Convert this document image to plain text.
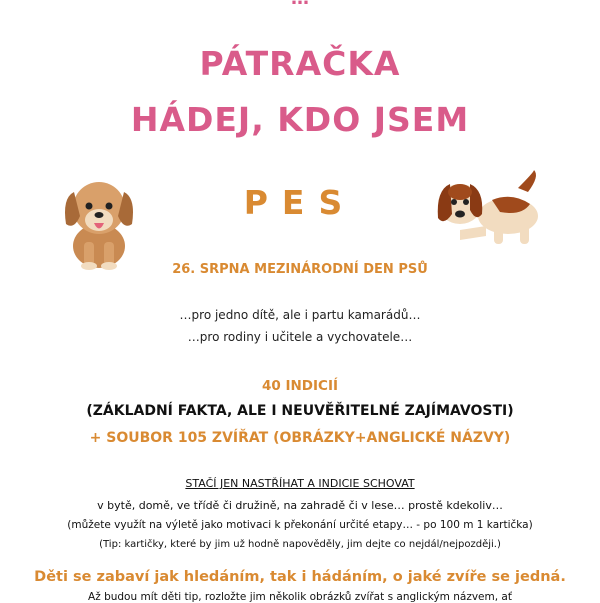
PÁTRAČKA
HÁDEJ, KDO JSEM
PES
26. SRPNA MEZINÁRODNÍ DEN PSŮ
…pro jedno dítě, ale i partu kamarádů…
…pro rodiny i učitele a vychovatele…
40 INDICIÍ
(ZÁKLADNÍ FAKTA, ALE I NEUVĚŘITELNÉ ZAJÍMAVOSTI)
+ SOUBOR 105 ZVÍŘAT (OBRÁZKY+ANGLICKÉ NÁZVY)
STAČÍ JEN NASTŘÍHAT A INDICIE SCHOVAT
v bytě, domě, ve třídě či družině, na zahradě či v lese… prostě kdekoliv…
(můžete využít na výletě jako motivaci k překonání určité etapy… - po 100 m 1 kartička)
(Tip: kartičky, které by jim už hodně napověděly, jim dejte co nejdál/nejpozději.)
Děti se zabaví jak hledáním, tak i hádáním, o jaké zvíře se jedná.
Až budou mít děti tip, rozložte jim několik obrázků zvířat s anglickým názvem, ať
